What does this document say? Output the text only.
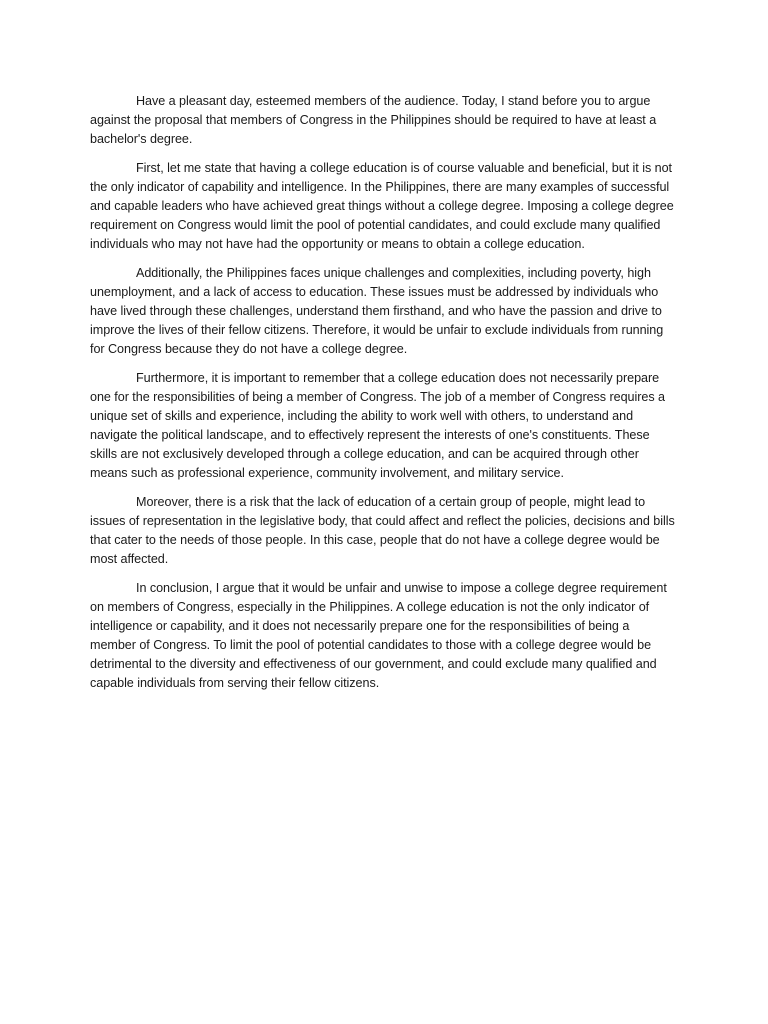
Have a pleasant day, esteemed members of the audience. Today, I stand before you to argue against the proposal that members of Congress in the Philippines should be required to have at least a bachelor's degree.

First, let me state that having a college education is of course valuable and beneficial, but it is not the only indicator of capability and intelligence. In the Philippines, there are many examples of successful and capable leaders who have achieved great things without a college degree. Imposing a college degree requirement on Congress would limit the pool of potential candidates, and could exclude many qualified individuals who may not have had the opportunity or means to obtain a college education.

Additionally, the Philippines faces unique challenges and complexities, including poverty, high unemployment, and a lack of access to education. These issues must be addressed by individuals who have lived through these challenges, understand them firsthand, and who have the passion and drive to improve the lives of their fellow citizens. Therefore, it would be unfair to exclude individuals from running for Congress because they do not have a college degree.

Furthermore, it is important to remember that a college education does not necessarily prepare one for the responsibilities of being a member of Congress. The job of a member of Congress requires a unique set of skills and experience, including the ability to work well with others, to understand and navigate the political landscape, and to effectively represent the interests of one's constituents. These skills are not exclusively developed through a college education, and can be acquired through other means such as professional experience, community involvement, and military service.

Moreover, there is a risk that the lack of education of a certain group of people, might lead to issues of representation in the legislative body, that could affect and reflect the policies, decisions and bills that cater to the needs of those people. In this case, people that do not have a college degree would be most affected.

In conclusion, I argue that it would be unfair and unwise to impose a college degree requirement on members of Congress, especially in the Philippines. A college education is not the only indicator of intelligence or capability, and it does not necessarily prepare one for the responsibilities of being a member of Congress. To limit the pool of potential candidates to those with a college degree would be detrimental to the diversity and effectiveness of our government, and could exclude many qualified and capable individuals from serving their fellow citizens.
